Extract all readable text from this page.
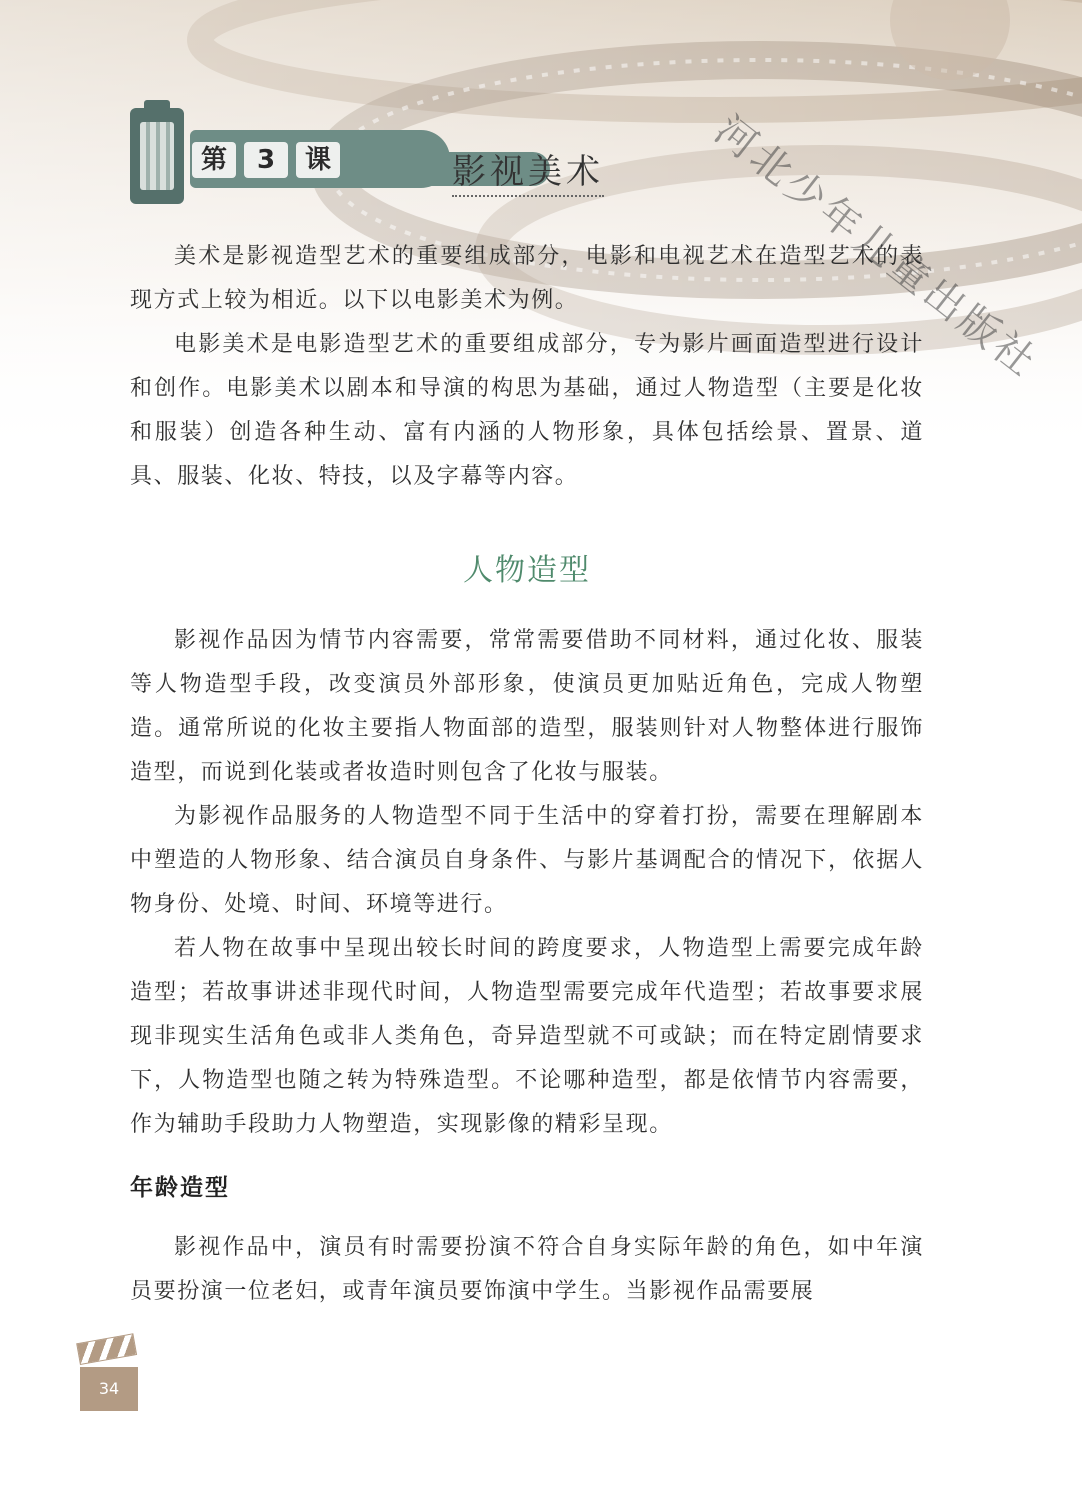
河北少年儿童出版社
第	3	课	影视美术

美术是影视造型艺术的重要组成部分，电影和电视艺术在造型艺术的表现方式上较为相近。以下以电影美术为例。

电影美术是电影造型艺术的重要组成部分，专为影片画面造型进行设计和创作。电影美术以剧本和导演的构思为基础，通过人物造型（主要是化妆和服装）创造各种生动、富有内涵的人物形象，具体包括绘景、置景、道具、服装、化妆、特技，以及字幕等内容。

人物造型

影视作品因为情节内容需要，常常需要借助不同材料，通过化妆、服装等人物造型手段，改变演员外部形象，使演员更加贴近角色，完成人物塑造。通常所说的化妆主要指人物面部的造型，服装则针对人物整体进行服饰造型，而说到化装或者妆造时则包含了化妆与服装。

为影视作品服务的人物造型不同于生活中的穿着打扮，需要在理解剧本中塑造的人物形象、结合演员自身条件、与影片基调配合的情况下，依据人物身份、处境、时间、环境等进行。

若人物在故事中呈现出较长时间的跨度要求，人物造型上需要完成年龄造型；若故事讲述非现代时间，人物造型需要完成年代造型；若故事要求展现非现实生活角色或非人类角色，奇异造型就不可或缺；而在特定剧情要求下，人物造型也随之转为特殊造型。不论哪种造型，都是依情节内容需要，作为辅助手段助力人物塑造，实现影像的精彩呈现。

年龄造型

影视作品中，演员有时需要扮演不符合自身实际年龄的角色，如中年演员要扮演一位老妇，或青年演员要饰演中学生。当影视作品需要展

34
